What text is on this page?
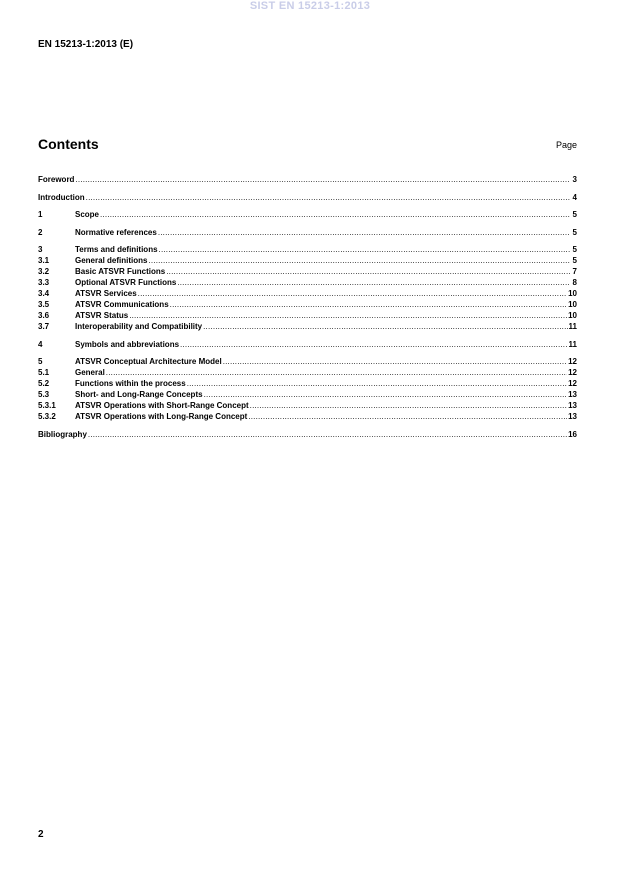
SIST EN 15213-1:2013
EN 15213-1:2013 (E)
Contents	Page
Foreword .....	3
Introduction .....	4
1	Scope .....	5
2	Normative references .....	5
3	Terms and definitions .....	5
3.1	General definitions .....	5
3.2	Basic ATSVR Functions .....	7
3.3	Optional ATSVR Functions .....	8
3.4	ATSVR Services .....	10
3.5	ATSVR Communications .....	10
3.6	ATSVR Status .....	10
3.7	Interoperability and Compatibility .....	11
4	Symbols and abbreviations .....	11
5	ATSVR Conceptual Architecture Model .....	12
5.1	General .....	12
5.2	Functions within the process .....	12
5.3	Short- and Long-Range Concepts .....	13
5.3.1	ATSVR Operations with Short-Range Concept .....	13
5.3.2	ATSVR Operations with Long-Range Concept .....	13
Bibliography .....	16
2
